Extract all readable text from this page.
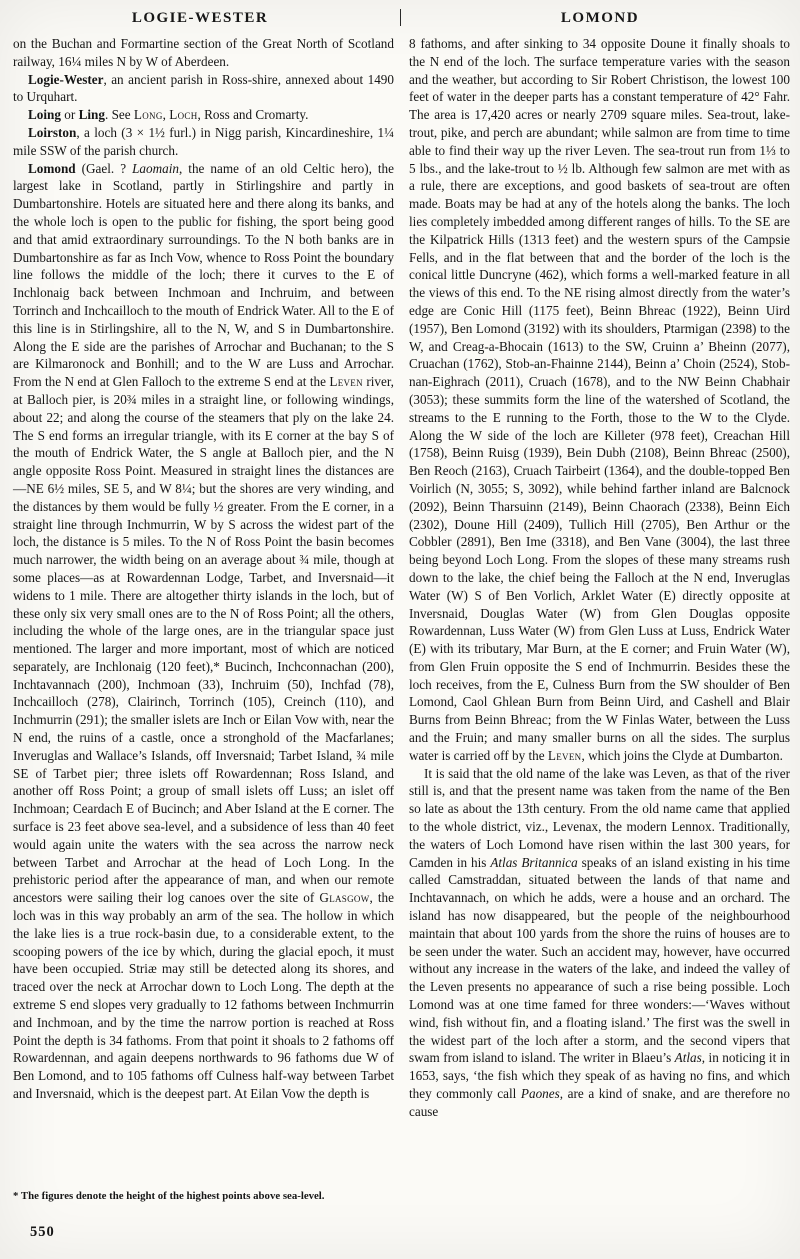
LOGIE-WESTER	LOMOND

on the Buchan and Formartine section of the Great North of Scotland railway, 16¼ miles N by W of Aberdeen.

Logie-Wester, an ancient parish in Ross-shire, annexed about 1490 to Urquhart.

Loing or Ling. See Long, Loch, Ross and Cromarty.

Loirston, a loch (3 × 1½ furl.) in Nigg parish, Kincardineshire, 1¼ mile SSW of the parish church.

Lomond (Gael. ? Laomain, the name of an old Celtic hero), the largest lake in Scotland, partly in Stirlingshire and partly in Dumbartonshire. Hotels are situated here and there along its banks, and the whole loch is open to the public for fishing, the sport being good and that amid extraordinary surroundings. To the N both banks are in Dumbartonshire as far as Inch Vow, whence to Ross Point the boundary line follows the middle of the loch; there it curves to the E of Inchlonaig back between Inchmoan and Inchruim, and between Torrinch and Inchcailloch to the mouth of Endrick Water. All to the E of this line is in Stirlingshire, all to the N, W, and S in Dumbartonshire. Along the E side are the parishes of Arrochar and Buchanan; to the S are Kilmaronock and Bonhill; and to the W are Luss and Arrochar. From the N end at Glen Falloch to the extreme S end at the Leven river, at Balloch pier, is 20¾ miles in a straight line, or following windings, about 22; and along the course of the steamers that ply on the lake 24. The S end forms an irregular triangle, with its E corner at the bay S of the mouth of Endrick Water, the S angle at Balloch pier, and the N angle opposite Ross Point. Measured in straight lines the distances are—NE 6½ miles, SE 5, and W 8¼; but the shores are very winding, and the distances by them would be fully ½ greater. From the E corner, in a straight line through Inchmurrin, W by S across the widest part of the loch, the distance is 5 miles. To the N of Ross Point the basin becomes much narrower, the width being on an average about ¾ mile, though at some places—as at Rowardennan Lodge, Tarbet, and Inversnaid—it widens to 1 mile. There are altogether thirty islands in the loch, but of these only six very small ones are to the N of Ross Point; all the others, including the whole of the large ones, are in the triangular space just mentioned. The larger and more important, most of which are noticed separately, are Inchlonaig (120 feet),* Bucinch, Inchconnachan (200), Inchtavannach (200), Inchmoan (33), Inchruim (50), Inchfad (78), Inchcailloch (278), Clairinch, Torrinch (105), Creinch (110), and Inchmurrin (291); the smaller islets are Inch or Eilan Vow with, near the N end, the ruins of a castle, once a stronghold of the Macfarlanes; Inveruglas and Wallace’s Islands, off Inversnaid; Tarbet Island, ¾ mile SE of Tarbet pier; three islets off Rowardennan; Ross Island, and another off Ross Point; a group of small islets off Luss; an islet off Inchmoan; Ceardach E of Bucinch; and Aber Island at the E corner. The surface is 23 feet above sea-level, and a subsidence of less than 40 feet would again unite the waters with the sea across the narrow neck between Tarbet and Arrochar at the head of Loch Long. In the prehistoric period after the appearance of man, and when our remote ancestors were sailing their log canoes over the site of Glasgow, the loch was in this way probably an arm of the sea. The hollow in which the lake lies is a true rock-basin due, to a considerable extent, to the scooping powers of the ice by which, during the glacial epoch, it must have been occupied. Striæ may still be detected along its shores, and traced over the neck at Arrochar down to Loch Long. The depth at the extreme S end slopes very gradually to 12 fathoms between Inchmurrin and Inchmoan, and by the time the narrow portion is reached at Ross Point the depth is 34 fathoms. From that point it shoals to 2 fathoms off Rowardennan, and again deepens northwards to 96 fathoms due W of Ben Lomond, and to 105 fathoms off Culness half-way between Tarbet and Inversnaid, which is the deepest part. At Eilan Vow the depth is

8 fathoms, and after sinking to 34 opposite Doune it finally shoals to the N end of the loch. The surface temperature varies with the season and the weather, but according to Sir Robert Christison, the lowest 100 feet of water in the deeper parts has a constant temperature of 42° Fahr. The area is 17,420 acres or nearly 2709 square miles. Sea-trout, lake-trout, pike, and perch are abundant; while salmon are from time to time able to find their way up the river Leven. The sea-trout run from 1⅓ to 5 lbs., and the lake-trout to ½ lb. Although few salmon are met with as a rule, there are exceptions, and good baskets of sea-trout are often made. Boats may be had at any of the hotels along the banks. The loch lies completely imbedded among different ranges of hills. To the SE are the Kilpatrick Hills (1313 feet) and the western spurs of the Campsie Fells, and in the flat between that and the border of the loch is the conical little Duncryne (462), which forms a well-marked feature in all the views of this end. To the NE rising almost directly from the water’s edge are Conic Hill (1175 feet), Beinn Bhreac (1922), Beinn Uird (1957), Ben Lomond (3192) with its shoulders, Ptarmigan (2398) to the W, and Creag-a-Bhocain (1613) to the SW, Cruinn a’ Bheinn (2077), Cruachan (1762), Stob-an-Fhainne 2144), Beinn a’ Choin (2524), Stob-nan-Eighrach (2011), Cruach (1678), and to the NW Beinn Chabhair (3053); these summits form the line of the watershed of Scotland, the streams to the E running to the Forth, those to the W to the Clyde. Along the W side of the loch are Killeter (978 feet), Creachan Hill (1758), Beinn Ruisg (1939), Bein Dubh (2108), Beinn Bhreac (2500), Ben Reoch (2163), Cruach Tairbeirt (1364), and the double-topped Ben Voirlich (N, 3055; S, 3092), while behind farther inland are Balcnock (2092), Beinn Tharsuinn (2149), Beinn Chaorach (2338), Beinn Eich (2302), Doune Hill (2409), Tullich Hill (2705), Ben Arthur or the Cobbler (2891), Ben Ime (3318), and Ben Vane (3004), the last three being beyond Loch Long. From the slopes of these many streams rush down to the lake, the chief being the Falloch at the N end, Inveruglas Water (W) S of Ben Vorlich, Arklet Water (E) directly opposite at Inversnaid, Douglas Water (W) from Glen Douglas opposite Rowardennan, Luss Water (W) from Glen Luss at Luss, Endrick Water (E) with its tributary, Mar Burn, at the E corner; and Fruin Water (W), from Glen Fruin opposite the S end of Inchmurrin. Besides these the loch receives, from the E, Culness Burn from the SW shoulder of Ben Lomond, Caol Ghlean Burn from Beinn Uird, and Cashell and Blair Burns from Beinn Bhreac; from the W Finlas Water, between the Luss and the Fruin; and many smaller burns on all the sides. The surplus water is carried off by the Leven, which joins the Clyde at Dumbarton.

It is said that the old name of the lake was Leven, as that of the river still is, and that the present name was taken from the name of the Ben so late as about the 13th century. From the old name came that applied to the whole district, viz., Levenax, the modern Lennox. Traditionally, the waters of Loch Lomond have risen within the last 300 years, for Camden in his Atlas Britannica speaks of an island existing in his time called Camstraddan, situated between the lands of that name and Inchtavannach, on which he adds, were a house and an orchard. The island has now disappeared, but the people of the neighbourhood maintain that about 100 yards from the shore the ruins of houses are to be seen under the water. Such an accident may, however, have occurred without any increase in the waters of the lake, and indeed the valley of the Leven presents no appearance of such a rise being possible. Loch Lomond was at one time famed for three wonders:—‘Waves without wind, fish without fin, and a floating island.’ The first was the swell in the widest part of the loch after a storm, and the second vipers that swam from island to island. The writer in Blaeu’s Atlas, in noticing it in 1653, says, ‘the fish which they speak of as having no fins, and which they commonly call Paones, are a kind of snake, and are therefore no cause

* The figures denote the height of the highest points above sea-level.
550
